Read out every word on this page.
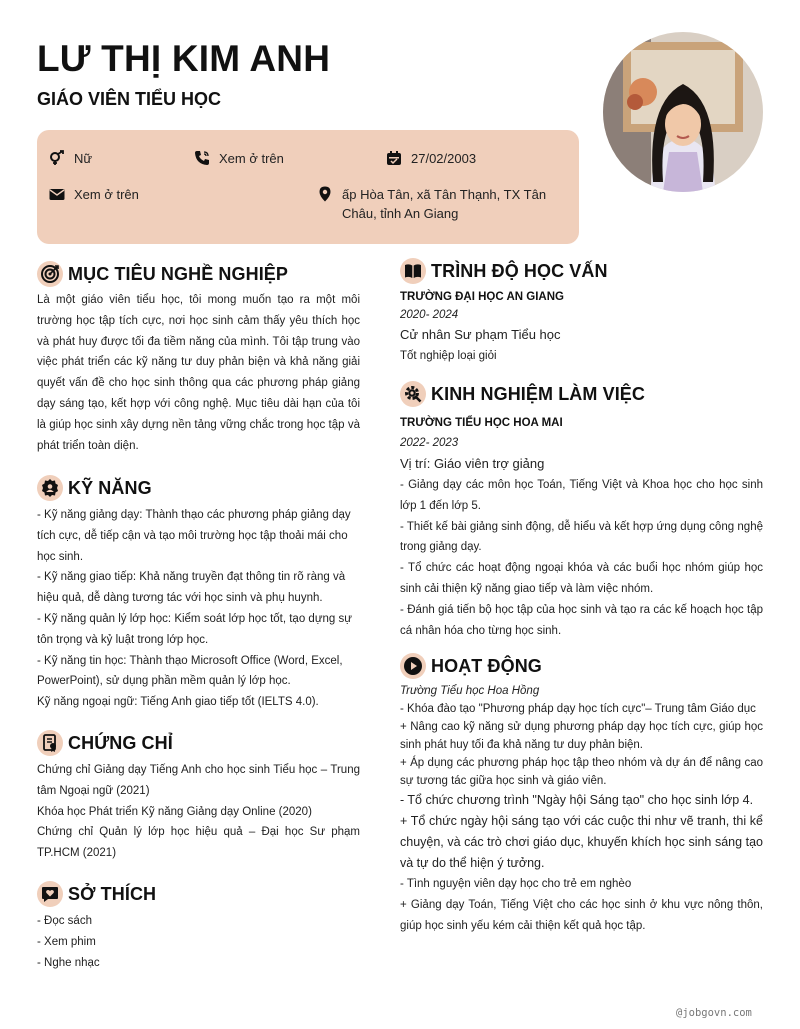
LƯ THỊ KIM ANH
GIÁO VIÊN TIỂU HỌC
Nữ	Xem ở trên	27/02/2003
Xem ở trên	ấp Hòa Tân, xã Tân Thạnh, TX Tân
Châu, tỉnh An Giang
MỤC TIÊU NGHỀ NGHIỆP
Là một giáo viên tiểu học, tôi mong muốn tạo ra một môi trường học tập tích cực, nơi học sinh cảm thấy yêu thích học và phát huy được tối đa tiềm năng của mình. Tôi tập trung vào việc phát triển các kỹ năng tư duy phản biện và khả năng giải quyết vấn đề cho học sinh thông qua các phương pháp giảng dạy sáng tạo, kết hợp với công nghệ. Mục tiêu dài hạn của tôi là giúp học sinh xây dựng nền tảng vững chắc trong học tập và phát triển toàn diện.
KỸ NĂNG

- Kỹ năng giảng dạy: Thành thạo các phương pháp giảng dạy tích cực, dễ tiếp cận và tạo môi trường học tập thoải mái cho học sinh.

- Kỹ năng giao tiếp: Khả năng truyền đạt thông tin rõ ràng và hiệu quả, dễ dàng tương tác với học sinh và phụ huynh.

- Kỹ năng quản lý lớp học: Kiểm soát lớp học tốt, tạo dựng sự tôn trọng và kỷ luật trong lớp học.

- Kỹ năng tin học: Thành thạo Microsoft Office (Word, Excel, PowerPoint), sử dụng phần mềm quản lý lớp học.

Kỹ năng ngoại ngữ: Tiếng Anh giao tiếp tốt (IELTS 4.0).

CHỨNG CHỈ

Chứng chỉ Giảng dạy Tiếng Anh cho học sinh Tiểu học – Trung tâm Ngoại ngữ (2021)

Khóa học Phát triển Kỹ năng Giảng dạy Online (2020)

Chứng chỉ Quản lý lớp học hiệu quả – Đại học Sư phạm TP.HCM (2021)

SỞ THÍCH

- Đọc sách

- Xem phim

- Nghe nhạc

TRÌNH ĐỘ HỌC VẤN

TRƯỜNG ĐẠI HỌC AN GIANG

2020- 2024

Cử nhân Sư phạm Tiểu học

Tốt nghiệp loại giỏi

KINH NGHIỆM LÀM VIỆC

TRƯỜNG TIỂU HỌC HOA MAI

2022- 2023

Vị trí: Giáo viên trợ giảng

- Giảng dạy các môn học Toán, Tiếng Việt và Khoa học cho học sinh lớp 1 đến lớp 5.

- Thiết kế bài giảng sinh động, dễ hiểu và kết hợp ứng dụng công nghệ trong giảng dạy.

- Tổ chức các hoạt động ngoại khóa và các buổi học nhóm giúp học sinh cải thiện kỹ năng giao tiếp và làm việc nhóm.

- Đánh giá tiến bộ học tập của học sinh và tạo ra các kế hoạch học tập cá nhân hóa cho từng học sinh.

HOẠT ĐỘNG

Trường Tiểu học Hoa Hồng

- Khóa đào tạo "Phương pháp dạy học tích cực"– Trung tâm Giáo dục

+ Nâng cao kỹ năng sử dụng phương pháp dạy học tích cực, giúp học sinh phát huy tối đa khả năng tư duy phản biện.

+ Áp dụng các phương pháp học tập theo nhóm và dự án để nâng cao sự tương tác giữa học sinh và giáo viên.

- Tổ chức chương trình "Ngày hội Sáng tạo" cho học sinh lớp 4.

+ Tổ chức ngày hội sáng tạo với các cuộc thi như vẽ tranh, thi kể chuyện, và các trò chơi giáo dục, khuyến khích học sinh sáng tạo và tự do thể hiện ý tưởng.

- Tình nguyện viên dạy học cho trẻ em nghèo

+ Giảng dạy Toán, Tiếng Việt cho các học sinh ở khu vực nông thôn, giúp học sinh yếu kém cải thiện kết quả học tập.

@jobgovn.com
